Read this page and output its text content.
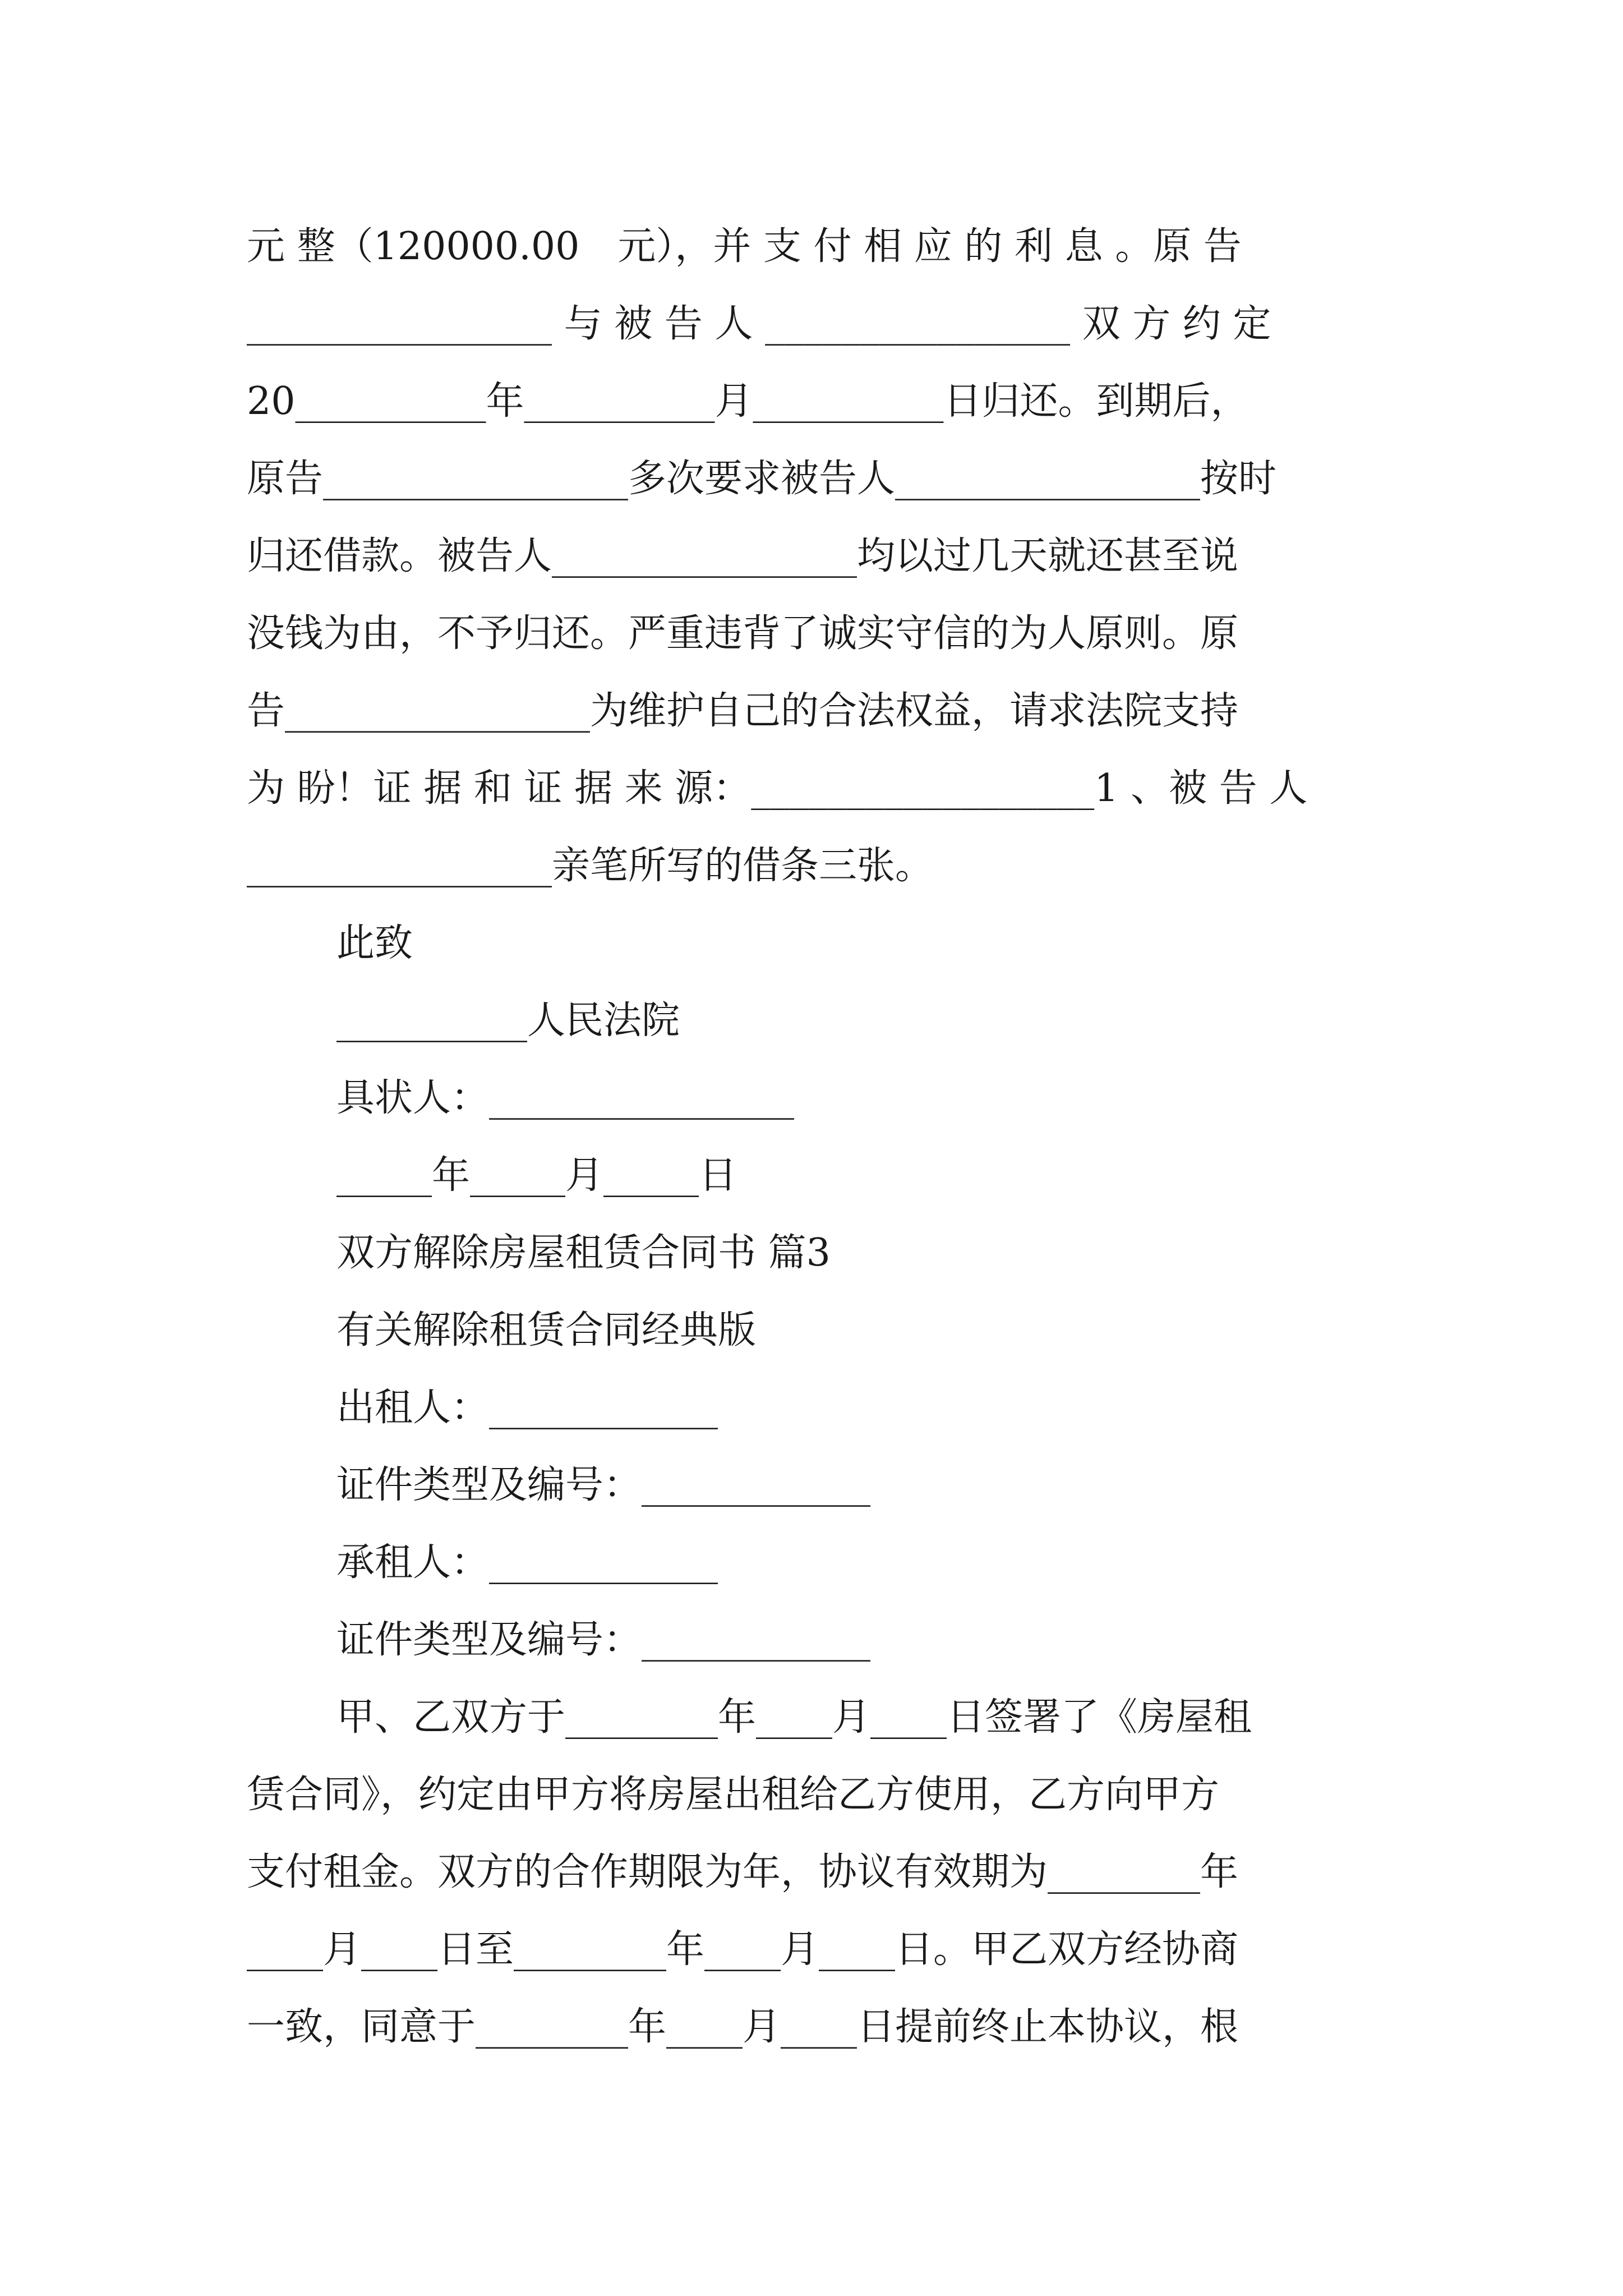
元 整（120000.00　元），并 支 付 相 应 的 利 息 。原 告
________________ 与 被 告 人 ________________ 双 方 约 定
20__________年__________月__________日归还。到期后，
原告________________多次要求被告人________________按时
归还借款。被告人________________均以过几天就还甚至说
没钱为由，不予归还。严重违背了诚实守信的为人原则。原
告________________为维护自己的合法权益，请求法院支持
为 盼！证 据 和 证 据 来 源：__________________1 、被 告 人
________________亲笔所写的借条三张。
此致
__________人民法院
具状人：________________
_____年_____月_____日
双方解除房屋租赁合同书 篇3
有关解除租赁合同经典版
出租人：____________
证件类型及编号：____________
承租人：____________
证件类型及编号：____________
甲、乙双方于________年____月____日签署了《房屋租
赁合同》，约定由甲方将房屋出租给乙方使用，乙方向甲方
支付租金。双方的合作期限为年，协议有效期为________年
____月____日至________年____月____日。甲乙双方经协商
一致，同意于________年____月____日提前终止本协议，根
